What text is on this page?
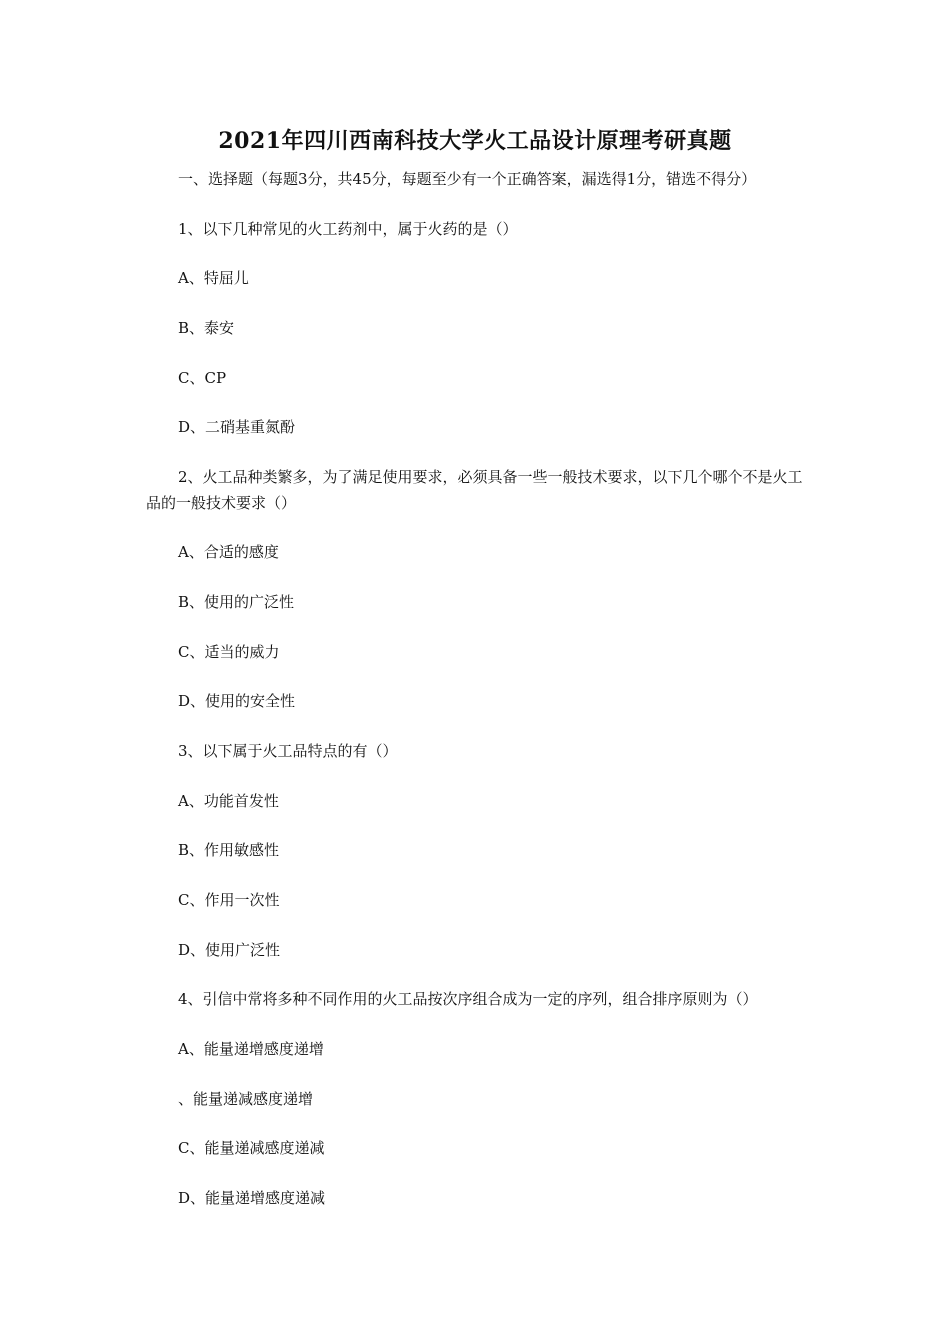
2021年四川西南科技大学火工品设计原理考研真题
一、选择题（每题3分，共45分，每题至少有一个正确答案，漏选得1分，错选不得分）
1、以下几种常见的火工药剂中，属于火药的是（）
A、特屈儿
B、泰安
C、CP
D、二硝基重氮酚
2、火工品种类繁多，为了满足使用要求，必须具备一些一般技术要求，以下几个哪个不是火工品的一般技术要求（）
A、合适的感度
B、使用的广泛性
C、适当的威力
D、使用的安全性
3、以下属于火工品特点的有（）
A、功能首发性
B、作用敏感性
C、作用一次性
D、使用广泛性
4、引信中常将多种不同作用的火工品按次序组合成为一定的序列，组合排序原则为（）
A、能量递增感度递增
、能量递减感度递增
C、能量递减感度递减
D、能量递增感度递减
